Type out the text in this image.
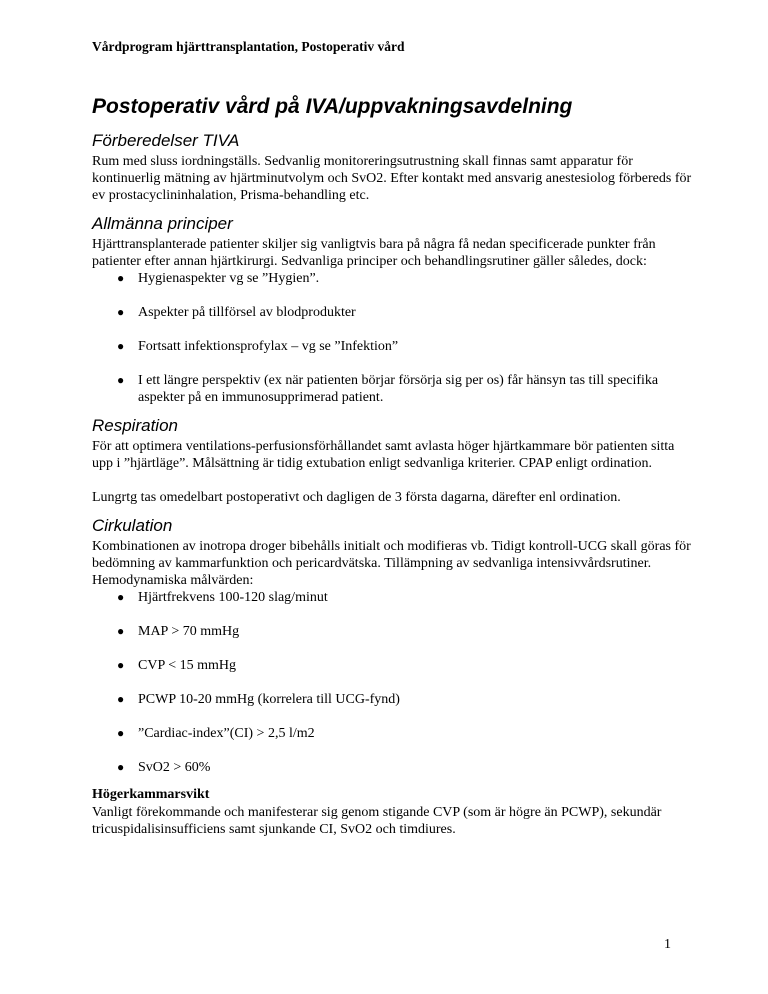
Vårdprogram hjärttransplantation, Postoperativ vård
Postoperativ vård på IVA/uppvakningsavdelning
Förberedelser TIVA

Rum med sluss iordningställs. Sedvanlig monitoreringsutrustning skall finnas samt apparatur för kontinuerlig mätning av hjärtminutvolym och SvO2. Efter kontakt med ansvarig anestesiolog förbereds för ev prostacyclininhalation, Prisma-behandling etc.

Allmänna principer

Hjärttransplanterade patienter skiljer sig vanligtvis bara på några få nedan specificerade punkter från patienter efter annan hjärtkirurgi. Sedvanliga principer och behandlingsrutiner gäller således, dock:

● Hygienaspekter vg se ”Hygien”.
● Aspekter på tillförsel av blodprodukter
● Fortsatt infektionsprofylax – vg se ”Infektion”
● I ett längre perspektiv (ex när patienten börjar försörja sig per os) får hänsyn tas till specifika aspekter på en immunosupprimerad patient.
Respiration

För att optimera ventilations-perfusionsförhållandet samt avlasta höger hjärtkammare bör patienten sitta upp i ”hjärtläge”. Målsättning är tidig extubation enligt sedvanliga kriterier. CPAP enligt ordination.

Lungrtg tas omedelbart postoperativt och dagligen de 3 första dagarna, därefter enl ordination.

Cirkulation

Kombinationen av inotropa droger bibehålls initialt och modifieras vb. Tidigt kontroll-UCG skall göras för bedömning av kammarfunktion och pericardvätska. Tillämpning av sedvanliga intensivvårdsrutiner.

Hemodynamiska målvärden:

● Hjärtfrekvens 100-120 slag/minut
● MAP > 70 mmHg
● CVP < 15 mmHg
● PCWP 10-20 mmHg (korrelera till UCG-fynd)
● ”Cardiac-index”(CI) > 2,5 l/m2
● SvO2 > 60%
Högerkammarsvikt

Vanligt förekommande och manifesterar sig genom stigande CVP (som är högre än PCWP), sekundär tricuspidalisinsufficiens samt sjunkande CI, SvO2 och timdiures.

1
